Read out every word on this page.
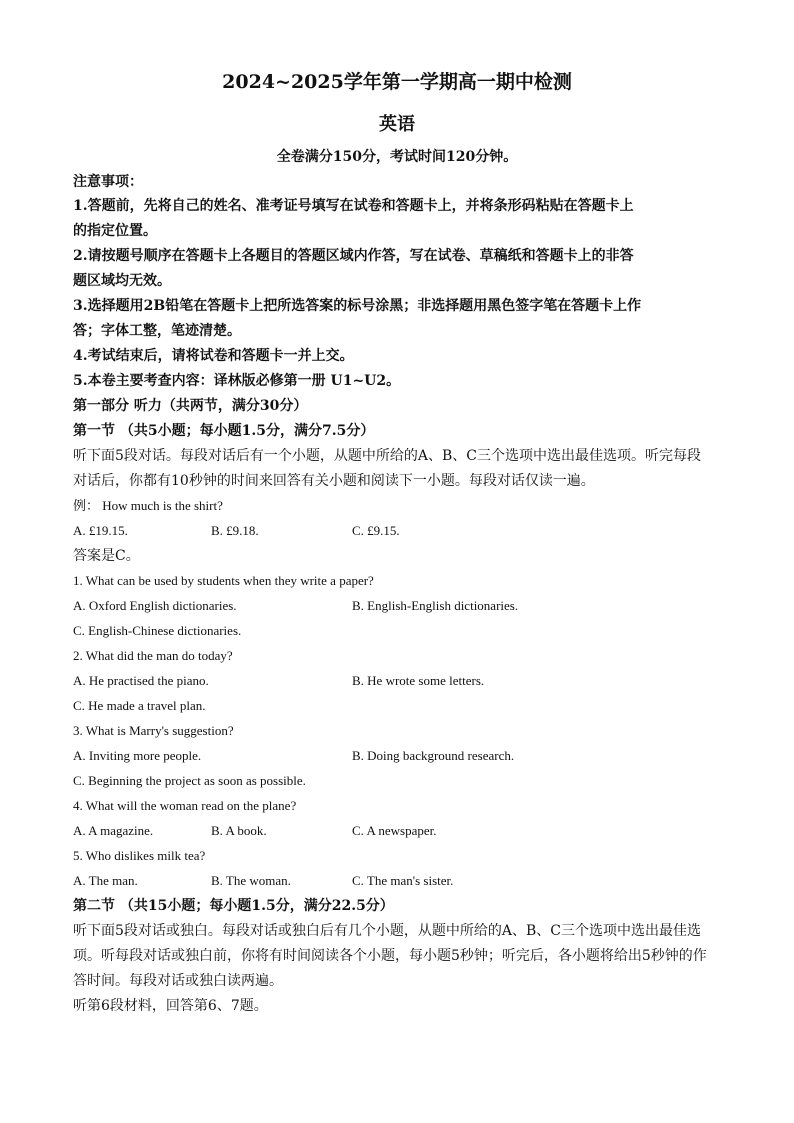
2024~2025学年第一学期高一期中检测
英语
全卷满分150分，考试时间120分钟。
注意事项：
1.答题前，先将自己的姓名、准考证号填写在试卷和答题卡上，并将条形码粘贴在答题卡上
的指定位置。
2.请按题号顺序在答题卡上各题目的答题区域内作答，写在试卷、草稿纸和答题卡上的非答
题区域均无效。
3.选择题用2B铅笔在答题卡上把所选答案的标号涂黑；非选择题用黑色签字笔在答题卡上作
答；字体工整，笔迹清楚。
4.考试结束后，请将试卷和答题卡一并上交。
5.本卷主要考查内容：译林版必修第一册 U1~U2。
第一部分 听力（共两节，满分30分）
第一节 （共5小题；每小题1.5分，满分7.5分）
听下面5段对话。每段对话后有一个小题，从题中所给的A、B、C三个选项中选出最佳选项。听完每段
对话后，你都有10秒钟的时间来回答有关小题和阅读下一小题。每段对话仅读一遍。
例： How much is the shirt?
A. £19.15.	B. £9.18.	C. £9.15.
答案是C。
1. What can be used by students when they write a paper?
A. Oxford English dictionaries.	B. English-English dictionaries.
C. English-Chinese dictionaries.
2. What did the man do today?
A. He practised the piano.	B. He wrote some letters.
C. He made a travel plan.
3. What is Marry's suggestion?
A. Inviting more people.	B. Doing background research.
C. Beginning the project as soon as possible.
4. What will the woman read on the plane?
A. A magazine.	B. A book.	C. A newspaper.
5. Who dislikes milk tea?
A. The man.	B. The woman.	C. The man's sister.
第二节 （共15小题；每小题1.5分，满分22.5分）
听下面5段对话或独白。每段对话或独白后有几个小题，从题中所给的A、B、C三个选项中选出最佳选
项。听每段对话或独白前，你将有时间阅读各个小题，每小题5秒钟；听完后，各小题将给出5秒钟的作
答时间。每段对话或独白读两遍。
听第6段材料，回答第6、7题。
